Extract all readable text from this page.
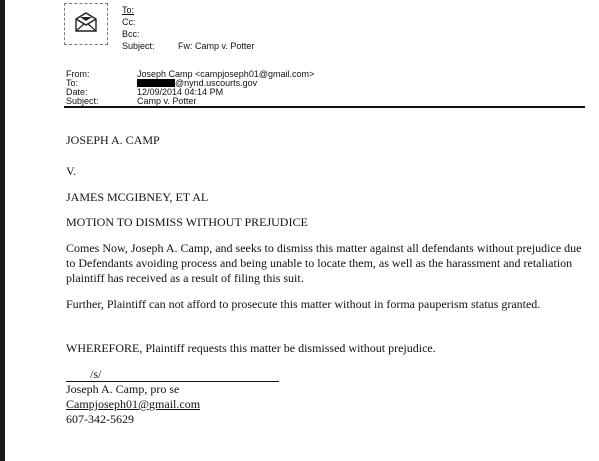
To:
Cc:
Bcc:
Subject:	Fw: Camp v. Potter
From:
To:
Date:
Subject:
Joseph Camp <campjoseph01@gmail.com>
@nynd.uscourts.gov
12/09/2014 04:14 PM
Camp v. Potter
JOSEPH A. CAMP
V.
JAMES MCGIBNEY, ET AL
MOTION TO DISMISS WITHOUT PREJUDICE
Comes Now, Joseph A. Camp, and seeks to dismiss this matter against all defendants without prejudice due to Defendants avoiding process and being unable to locate them, as well as the harassment and retaliation plaintiff has received as a result of filing this suit.
Further, Plaintiff can not afford to prosecute this matter without in forma pauperism status granted.
WHEREFORE, Plaintiff requests this matter be dismissed without prejudice.
/s/
Joseph A. Camp, pro se
Campjoseph01@gmail.com
607-342-5629
